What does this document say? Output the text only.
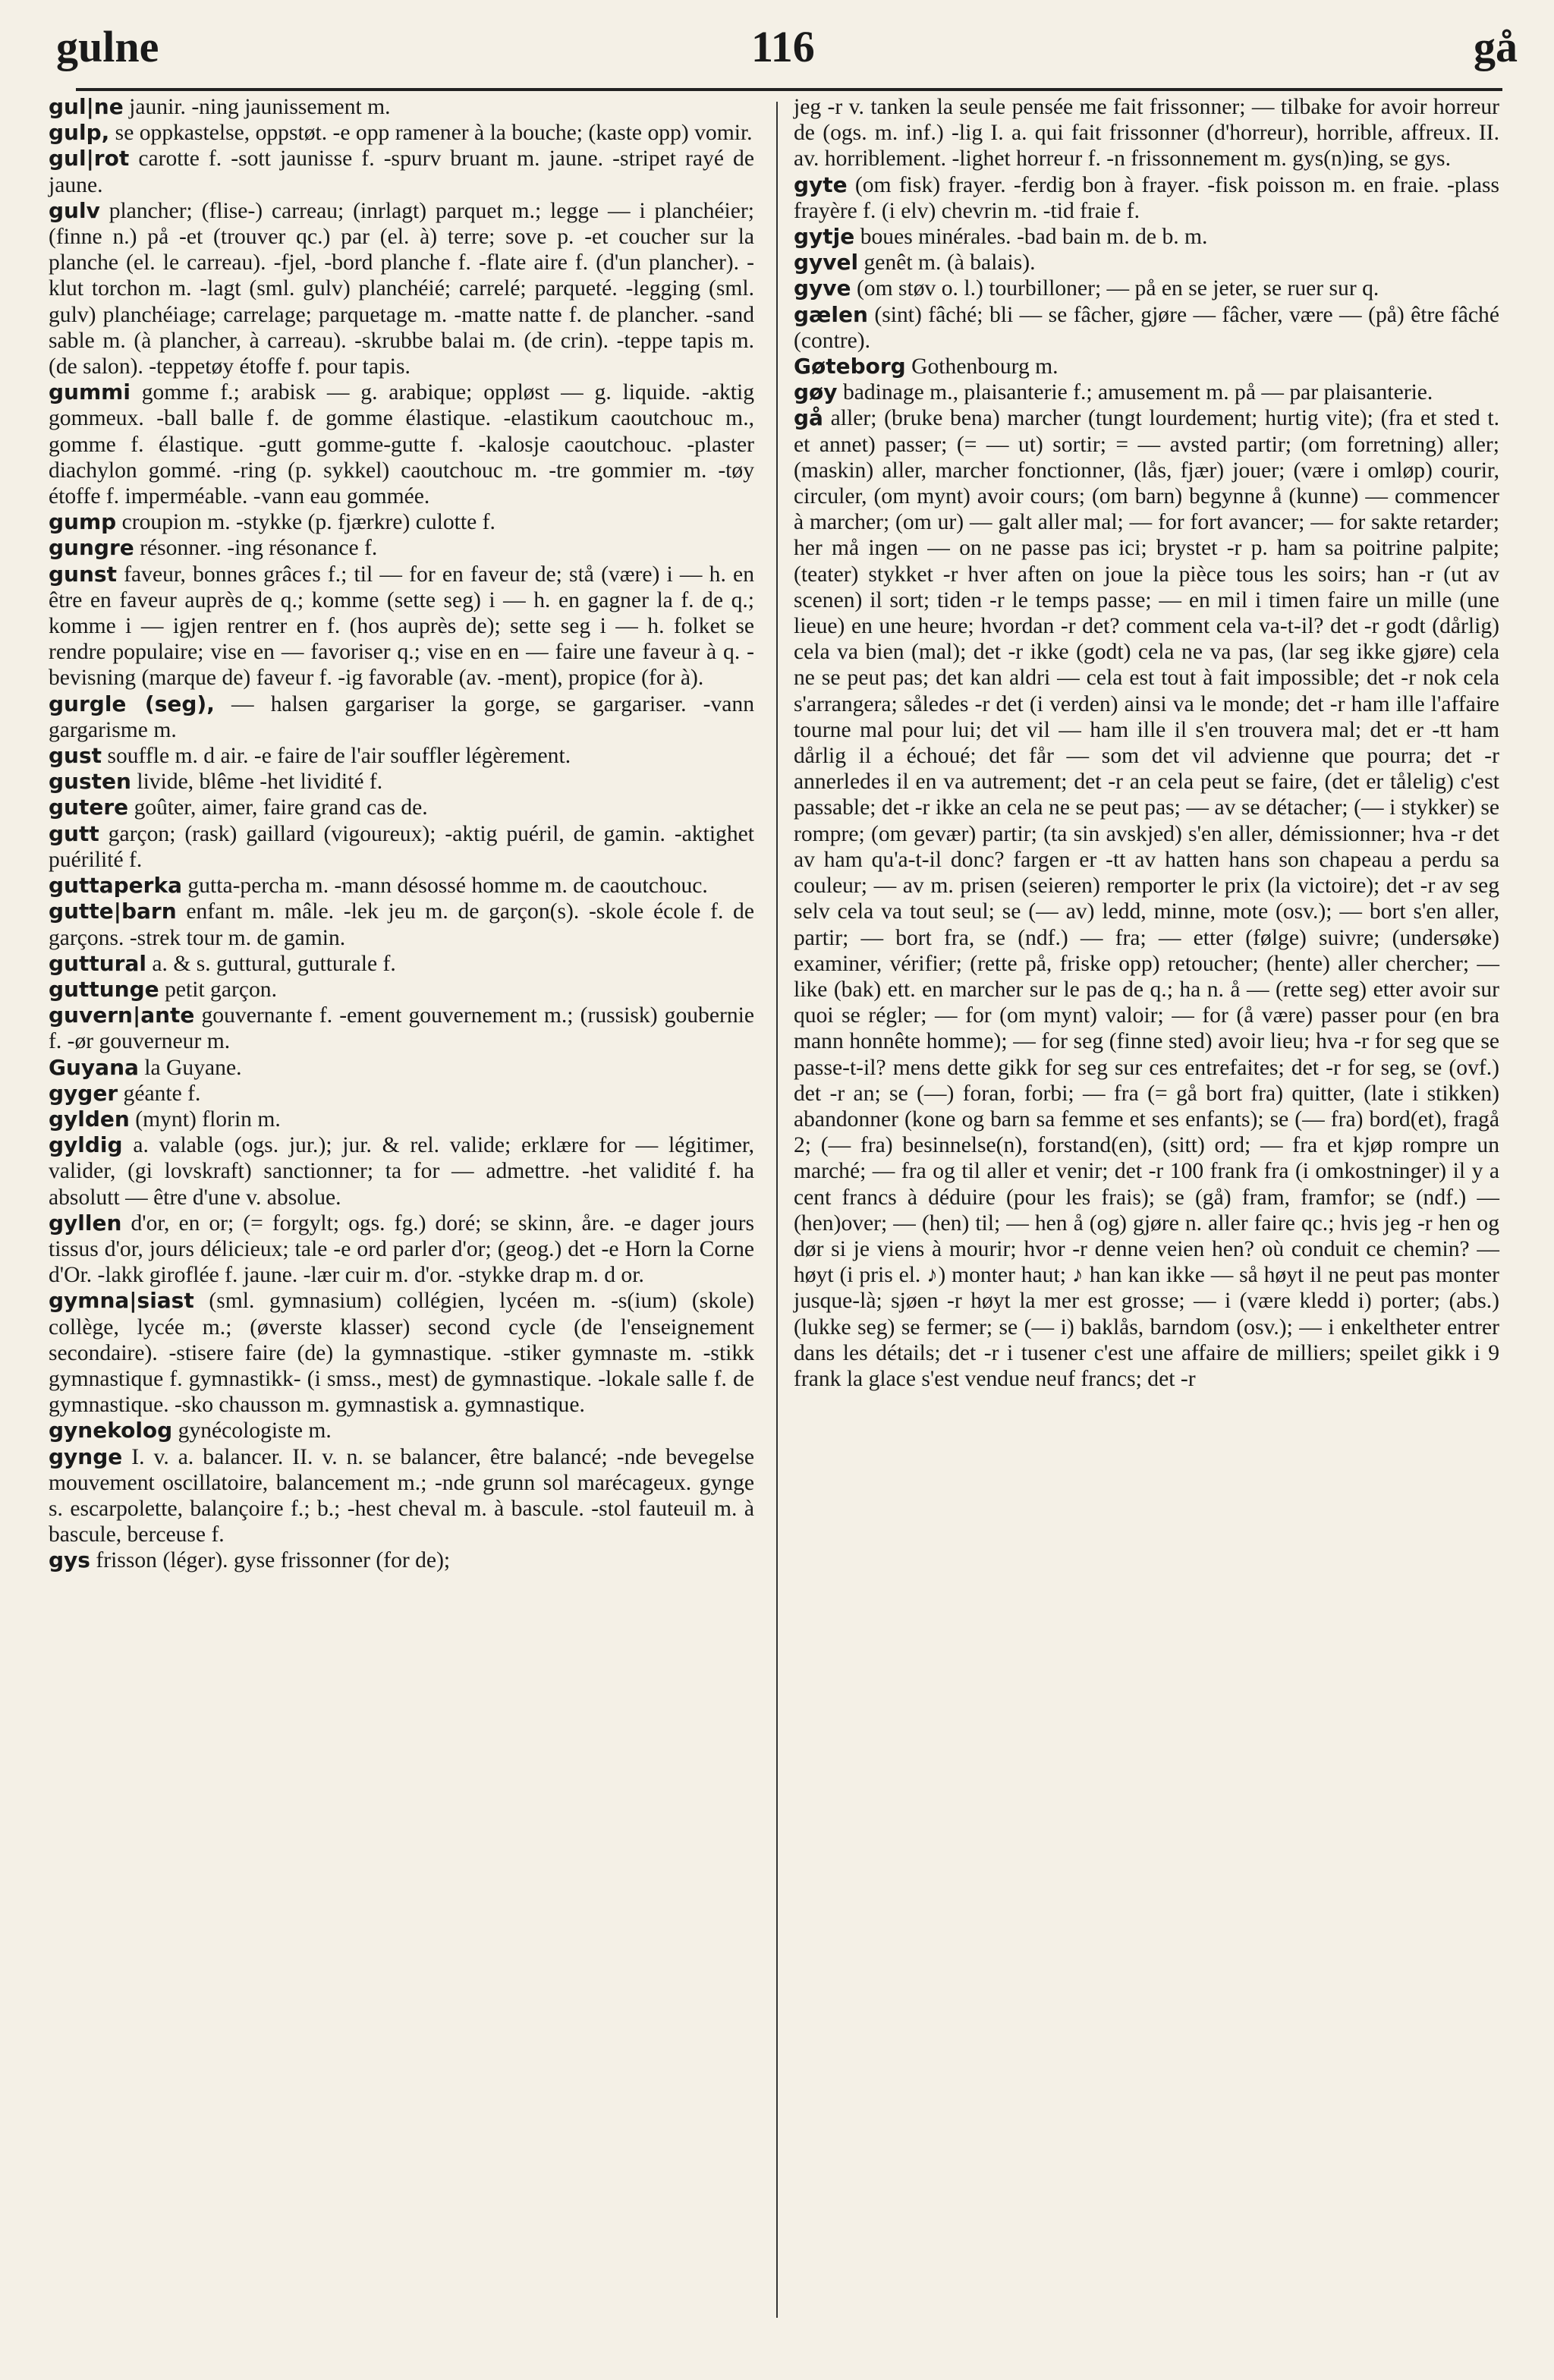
gulne	116	gå

gul|ne jaunir. -ning jaunissement m.

gulp, se oppkastelse, oppstøt. -e opp ramener à la bouche; (kaste opp) vomir.

gul|rot carotte f. -sott jaunisse f. -spurv bruant m. jaune. -stripet rayé de jaune.

gulv plancher; (flise-) carreau; (inrlagt) parquet m.; legge — i planchéier; (finne n.) på -et (trouver qc.) par (el. à) terre; sove p. -et coucher sur la planche (el. le carreau). -fjel, -bord planche f. -flate aire f. (d'un plancher). -klut torchon m. -lagt (sml. gulv) planchéié; carrelé; parqueté. -legging (sml. gulv) planchéiage; carrelage; parquetage m. -matte natte f. de plancher. -sand sable m. (à plancher, à carreau). -skrubbe balai m. (de crin). -teppe tapis m. (de salon). -teppetøy étoffe f. pour tapis.

gummi gomme f.; arabisk — g. arabique; oppløst — g. liquide. -aktig gommeux. -ball balle f. de gomme élastique. -elastikum caoutchouc m., gomme f. élastique. -gutt gomme-gutte f. -kalosje caoutchouc. -plaster diachylon gommé. -ring (p. sykkel) caoutchouc m. -tre gommier m. -tøy étoffe f. imperméable. -vann eau gommée.

gump croupion m. -stykke (p. fjærkre) culotte f.

gungre résonner. -ing résonance f.

gunst faveur, bonnes grâces f.; til — for en faveur de; stå (være) i — h. en être en faveur auprès de q.; komme (sette seg) i — h. en gagner la f. de q.; komme i — igjen rentrer en f. (hos auprès de); sette seg i — h. folket se rendre populaire; vise en — favoriser q.; vise en en — faire une faveur à q. -bevisning (marque de) faveur f. -ig favorable (av. -ment), propice (for à).

gurgle (seg), — halsen gargariser la gorge, se gargariser. -vann gargarisme m.

gust souffle m. d air. -e faire de l'air souffler légèrement.

gusten livide, blême -het lividité f.

gutere goûter, aimer, faire grand cas de.

gutt garçon; (rask) gaillard (vigoureux); -aktig puéril, de gamin. -aktighet puérilité f.

guttaperka gutta-percha m. -mann désossé homme m. de caoutchouc.

gutte|barn enfant m. mâle. -lek jeu m. de garçon(s). -skole école f. de garçons. -strek tour m. de gamin.

guttural a. & s. guttural, gutturale f.

guttunge petit garçon.

guvern|ante gouvernante f. -ement gouvernement m.; (russisk) goubernie f. -ør gouverneur m.

Guyana la Guyane.

gyger géante f.

gylden (mynt) florin m.

gyldig a. valable (ogs. jur.); jur. & rel. valide; erklære for — légitimer, valider, (gi lovskraft) sanctionner; ta for — admettre. -het validité f. ha absolutt — être d'une v. absolue.

gyllen d'or, en or; (= forgylt; ogs. fg.) doré; se skinn, åre. -e dager jours tissus d'or, jours délicieux; tale -e ord parler d'or; (geog.) det -e Horn la Corne d'Or. -lakk giroflée f. jaune. -lær cuir m. d'or. -stykke drap m. d or.

gymna|siast (sml. gymnasium) collégien, lycéen m. -s(ium) (skole) collège, lycée m.; (øverste klasser) second cycle (de l'enseignement secondaire). -stisere faire (de) la gymnastique. -stiker gymnaste m. -stikk gymnastique f. gymnastikk- (i smss., mest) de gymnastique. -lokale salle f. de gymnastique. -sko chausson m. gymnastisk a. gymnastique.

gynekolog gynécologiste m.

gynge I. v. a. balancer. II. v. n. se balancer, être balancé; -nde bevegelse mouvement oscillatoire, balancement m.; -nde grunn sol marécageux. gynge s. escarpolette, balançoire f.; b.; -hest cheval m. à bascule. -stol fauteuil m. à bascule, berceuse f.

gys frisson (léger). gyse frissonner (for de);

jeg -r v. tanken la seule pensée me fait frissonner; — tilbake for avoir horreur de (ogs. m. inf.) -lig I. a. qui fait frissonner (d'horreur), horrible, affreux. II. av. horriblement. -lighet horreur f. -n frissonnement m. gys(n)ing, se gys.

gyte (om fisk) frayer. -ferdig bon à frayer. -fisk poisson m. en fraie. -plass frayère f. (i elv) chevrin m. -tid fraie f.

gytje boues minérales. -bad bain m. de b. m.

gyvel genêt m. (à balais).

gyve (om støv o. l.) tourbilloner; — på en se jeter, se ruer sur q.

gælen (sint) fâché; bli — se fâcher, gjøre — fâcher, være — (på) être fâché (contre).

Gøteborg Gothenbourg m.

gøy badinage m., plaisanterie f.; amusement m. på — par plaisanterie.

gå aller; (bruke bena) marcher (tungt lourdement; hurtig vite); (fra et sted t. et annet) passer; (= — ut) sortir; = — avsted partir; (om forretning) aller; (maskin) aller, marcher fonctionner, (lås, fjær) jouer; (være i omløp) courir, circuler, (om mynt) avoir cours; (om barn) begynne å (kunne) — commencer à marcher; (om ur) — galt aller mal; — for fort avancer; — for sakte retarder; her må ingen — on ne passe pas ici; brystet -r p. ham sa poitrine palpite; (teater) stykket -r hver aften on joue la pièce tous les soirs; han -r (ut av scenen) il sort; tiden -r le temps passe; — en mil i timen faire un mille (une lieue) en une heure; hvordan -r det? comment cela va-t-il? det -r godt (dårlig) cela va bien (mal); det -r ikke (godt) cela ne va pas, (lar seg ikke gjøre) cela ne se peut pas; det kan aldri — cela est tout à fait impossible; det -r nok cela s'arrangera; således -r det (i verden) ainsi va le monde; det -r ham ille l'affaire tourne mal pour lui; det vil — ham ille il s'en trouvera mal; det er -tt ham dårlig il a échoué; det får — som det vil advienne que pourra; det -r annerledes il en va autrement; det -r an cela peut se faire, (det er tålelig) c'est passable; det -r ikke an cela ne se peut pas; — av se détacher; (— i stykker) se rompre; (om gevær) partir; (ta sin avskjed) s'en aller, démissionner; hva -r det av ham qu'a-t-il donc? fargen er -tt av hatten hans son chapeau a perdu sa couleur; — av m. prisen (seieren) remporter le prix (la victoire); det -r av seg selv cela va tout seul; se (— av) ledd, minne, mote (osv.); — bort s'en aller, partir; — bort fra, se (ndf.) — fra; — etter (følge) suivre; (undersøke) examiner, vérifier; (rette på, friske opp) retoucher; (hente) aller chercher; — like (bak) ett. en marcher sur le pas de q.; ha n. å — (rette seg) etter avoir sur quoi se régler; — for (om mynt) valoir; — for (å være) passer pour (en bra mann honnête homme); — for seg (finne sted) avoir lieu; hva -r for seg que se passe-t-il? mens dette gikk for seg sur ces entrefaites; det -r for seg, se (ovf.) det -r an; se (—) foran, forbi; — fra (= gå bort fra) quitter, (late i stikken) abandonner (kone og barn sa femme et ses enfants); se (— fra) bord(et), fragå 2; (— fra) besinnelse(n), forstand(en), (sitt) ord; — fra et kjøp rompre un marché; — fra og til aller et venir; det -r 100 frank fra (i omkostninger) il y a cent francs à déduire (pour les frais); se (gå) fram, framfor; se (ndf.) — (hen)over; — (hen) til; — hen å (og) gjøre n. aller faire qc.; hvis jeg -r hen og dør si je viens à mourir; hvor -r denne veien hen? où conduit ce chemin? — høyt (i pris el. ♪) monter haut; ♪ han kan ikke — så høyt il ne peut pas monter jusque-là; sjøen -r høyt la mer est grosse; — i (være kledd i) porter; (abs.) (lukke seg) se fermer; se (— i) baklås, barndom (osv.); — i enkeltheter entrer dans les détails; det -r i tusener c'est une affaire de milliers; speilet gikk i 9 frank la glace s'est vendue neuf francs; det -r
